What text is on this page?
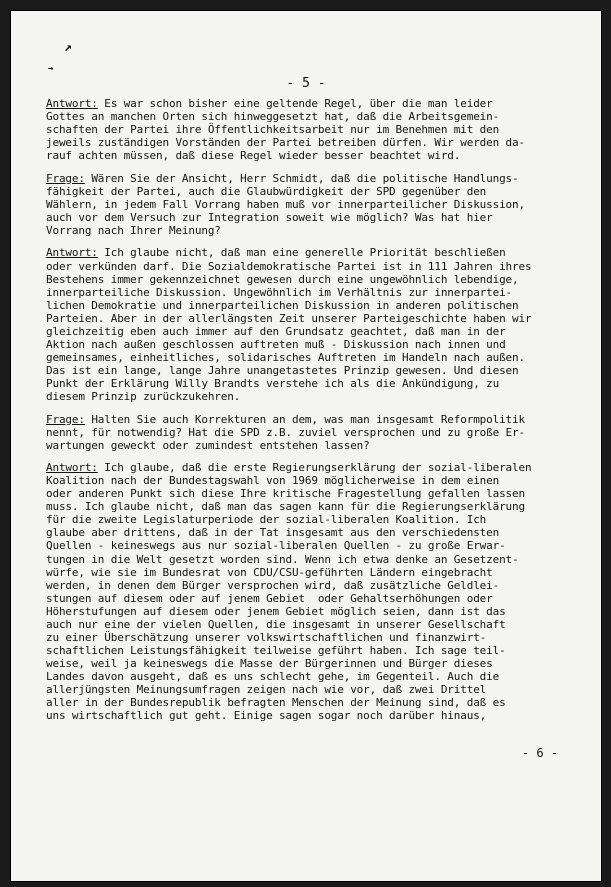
↗
→
- 5 -
Antwort: Es war schon bisher eine geltende Regel, über die man leider
Gottes an manchen Orten sich hinweggesetzt hat, daß die Arbeitsgemein-
schaften der Partei ihre Öffentlichkeitsarbeit nur im Benehmen mit den
jeweils zuständigen Vorständen der Partei betreiben dürfen. Wir werden da-
rauf achten müssen, daß diese Regel wieder besser beachtet wird.
Frage: Wären Sie der Ansicht, Herr Schmidt, daß die politische Handlungs-
fähigkeit der Partei, auch die Glaubwürdigkeit der SPD gegenüber den
Wählern, in jedem Fall Vorrang haben muß vor innerparteilicher Diskussion,
auch vor dem Versuch zur Integration soweit wie möglich? Was hat hier
Vorrang nach Ihrer Meinung?
Antwort: Ich glaube nicht, daß man eine generelle Priorität beschließen
oder verkünden darf. Die Sozialdemokratische Partei ist in 111 Jahren ihres
Bestehens immer gekennzeichnet gewesen durch eine ungewöhnlich lebendige,
innerparteiliche Diskussion. Ungewöhnlich im Verhältnis zur innerpartei-
lichen Demokratie und innerparteilichen Diskussion in anderen politischen
Parteien. Aber in der allerlängsten Zeit unserer Parteigeschichte haben wir
gleichzeitig eben auch immer auf den Grundsatz geachtet, daß man in der
Aktion nach außen geschlossen auftreten muß - Diskussion nach innen und
gemeinsames, einheitliches, solidarisches Auftreten im Handeln nach außen.
Das ist ein lange, lange Jahre unangetastetes Prinzip gewesen. Und diesen
Punkt der Erklärung Willy Brandts verstehe ich als die Ankündigung, zu
diesem Prinzip zurückzukehren.
Frage: Halten Sie auch Korrekturen an dem, was man insgesamt Reformpolitik
nennt, für notwendig? Hat die SPD z.B. zuviel versprochen und zu große Er-
wartungen geweckt oder zumindest entstehen lassen?
Antwort: Ich glaube, daß die erste Regierungserklärung der sozial-liberalen
Koalition nach der Bundestagswahl von 1969 möglicherweise in dem einen
oder anderen Punkt sich diese Ihre kritische Fragestellung gefallen lassen
muss. Ich glaube nicht, daß man das sagen kann für die Regierungserklärung
für die zweite Legislaturperiode der sozial-liberalen Koalition. Ich
glaube aber drittens, daß in der Tat insgesamt aus den verschiedensten
Quellen - keineswegs aus nur sozial-liberalen Quellen - zu große Erwar-
tungen in die Welt gesetzt worden sind. Wenn ich etwa denke an Gesetzent-
würfe, wie sie im Bundesrat von CDU/CSU-geführten Ländern eingebracht
werden, in denen dem Bürger versprochen wird, daß zusätzliche Geldlei-
stungen auf diesem oder auf jenem Gebiet  oder Gehaltserhöhungen oder
Höherstufungen auf diesem oder jenem Gebiet möglich seien, dann ist das
auch nur eine der vielen Quellen, die insgesamt in unserer Gesellschaft
zu einer Überschätzung unserer volkswirtschaftlichen und finanzwirt-
schaftlichen Leistungsfähigkeit teilweise geführt haben. Ich sage teil-
weise, weil ja keineswegs die Masse der Bürgerinnen und Bürger dieses
Landes davon ausgeht, daß es uns schlecht gehe, im Gegenteil. Auch die
allerjüngsten Meinungsumfragen zeigen nach wie vor, daß zwei Drittel
aller in der Bundesrepublik befragten Menschen der Meinung sind, daß es
uns wirtschaftlich gut geht. Einige sagen sogar noch darüber hinaus,
- 6 -
